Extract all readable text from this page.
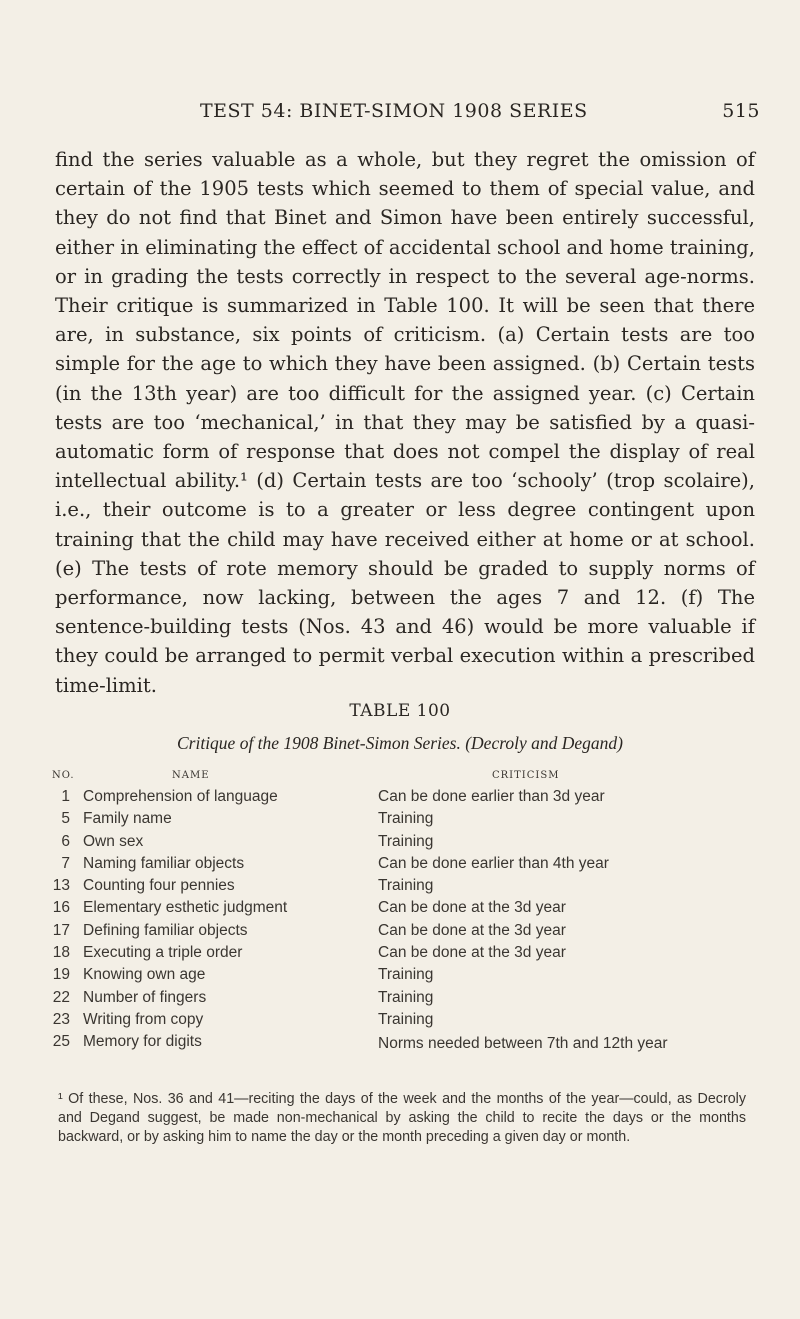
TEST 54: BINET-SIMON 1908 SERIES	515

find the series valuable as a whole, but they regret the omission of certain of the 1905 tests which seemed to them of special value, and they do not find that Binet and Simon have been entirely successful, either in eliminating the effect of accidental school and home training, or in grading the tests correctly in respect to the several age-norms. Their critique is summarized in Table 100. It will be seen that there are, in substance, six points of criticism. (a) Certain tests are too simple for the age to which they have been assigned. (b) Certain tests (in the 13th year) are too difficult for the assigned year. (c) Certain tests are too ‘mechanical,’ in that they may be satisfied by a quasi-automatic form of response that does not compel the display of real intellectual ability.¹ (d) Certain tests are too ‘schooly’ (trop scolaire), i.e., their outcome is to a greater or less degree contingent upon training that the child may have received either at home or at school. (e) The tests of rote memory should be graded to supply norms of performance, now lacking, between the ages 7 and 12. (f) The sentence-building tests (Nos. 43 and 46) would be more valuable if they could be arranged to permit verbal execution within a prescribed time-limit.

TABLE 100
Critique of the 1908 Binet-Simon Series. (Decroly and Degand)
NO.	NAME	CRITICISM
1 Comprehension of language	Can be done earlier than 3d year
5 Family name	Training
6 Own sex	Training
7 Naming familiar objects	Can be done earlier than 4th year
13 Counting four pennies	Training
16 Elementary esthetic judgment	Can be done at the 3d year
17 Defining familiar objects	Can be done at the 3d year
18 Executing a triple order	Can be done at the 3d year
19 Knowing own age	Training
22 Number of fingers	Training
23 Writing from copy	Training
25 Memory for digits	Norms needed between 7th and 12th year

¹ Of these, Nos. 36 and 41—reciting the days of the week and the months of the year—could, as Decroly and Degand suggest, be made non-mechanical by asking the child to recite the days or the months backward, or by asking him to name the day or the month preceding a given day or month.
